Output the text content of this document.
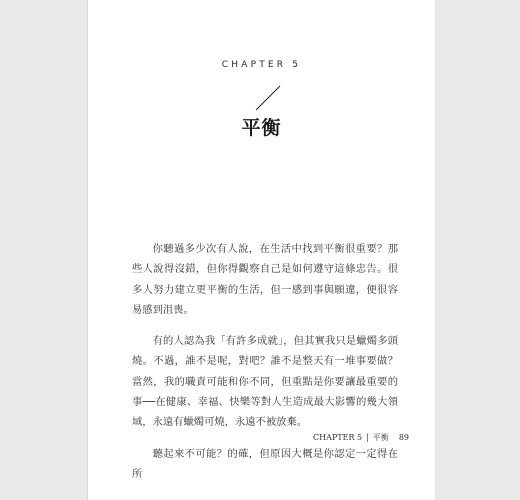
CHAPTER 5
平衡

你聽過多少次有人說，在生活中找到平衡很重要？那些人說得沒錯，但你得觀察自己是如何遵守這條忠告。很多人努力建立更平衡的生活，但一感到事與願違，便很容易感到沮喪。

有的人認為我「有許多成就」，但其實我只是蠟燭多頭燒。不過，誰不是呢，對吧？誰不是整天有一堆事要做？當然，我的職責可能和你不同，但重點是你要讓最重要的事──在健康、幸福、快樂等對人生造成最大影響的幾大領域，永遠有蠟燭可燒，永遠不被放棄。

聽起來不可能？的確，但原因大概是你認定一定得在所

CHAPTER 5 | 平衡 89
